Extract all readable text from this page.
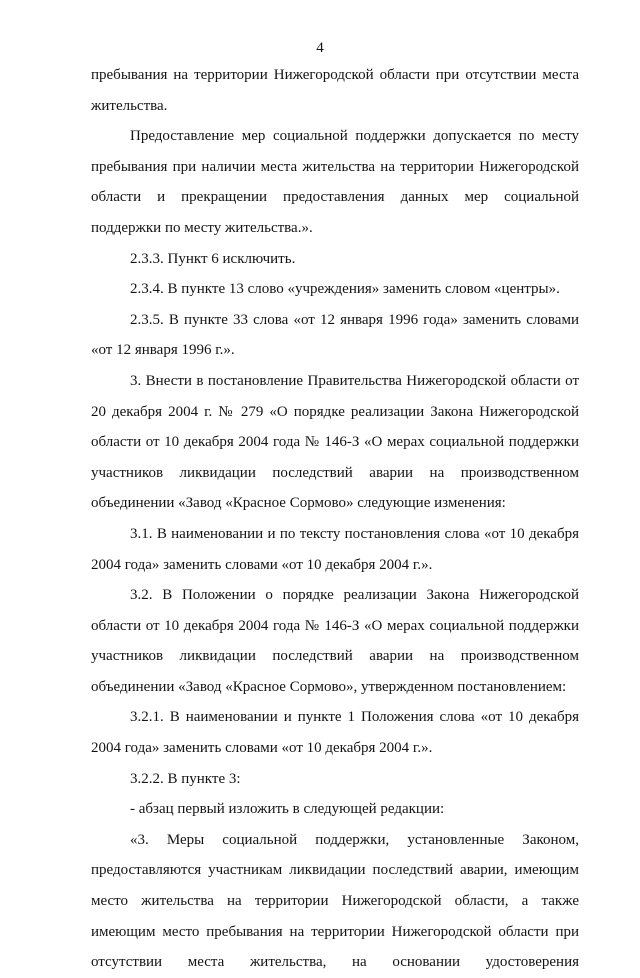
4

пребывания на территории Нижегородской области при отсутствии места жительства.

Предоставление мер социальной поддержки допускается по месту пребывания при наличии места жительства на территории Нижегородской области и прекращении предоставления данных мер социальной поддержки по месту жительства.».

2.3.3. Пункт 6 исключить.

2.3.4. В пункте 13 слово «учреждения» заменить словом «центры».

2.3.5. В пункте 33 слова «от 12 января 1996 года» заменить словами «от 12 января 1996 г.».

3. Внести в постановление Правительства Нижегородской области от 20 декабря 2004 г. № 279 «О порядке реализации Закона Нижегородской области от 10 декабря 2004 года № 146-З «О мерах социальной поддержки участников ликвидации последствий аварии на производственном объединении «Завод «Красное Сормово» следующие изменения:

3.1. В наименовании и по тексту постановления слова «от 10 декабря 2004 года» заменить словами «от 10 декабря 2004 г.».

3.2. В Положении о порядке реализации Закона Нижегородской области от 10 декабря 2004 года № 146-З «О мерах социальной поддержки участников ликвидации последствий аварии на производственном объединении «Завод «Красное Сормово», утвержденном постановлением:

3.2.1. В наименовании и пункте 1 Положения слова «от 10 декабря 2004 года» заменить словами «от 10 декабря 2004 г.».

3.2.2. В пункте 3:

- абзац первый изложить в следующей редакции:

«3. Меры социальной поддержки, установленные Законом, предоставляются участникам ликвидации последствий аварии, имеющим место жительства на территории Нижегородской области, а также имеющим место пребывания на территории Нижегородской области при отсутствии места жительства, на основании удостоверения
